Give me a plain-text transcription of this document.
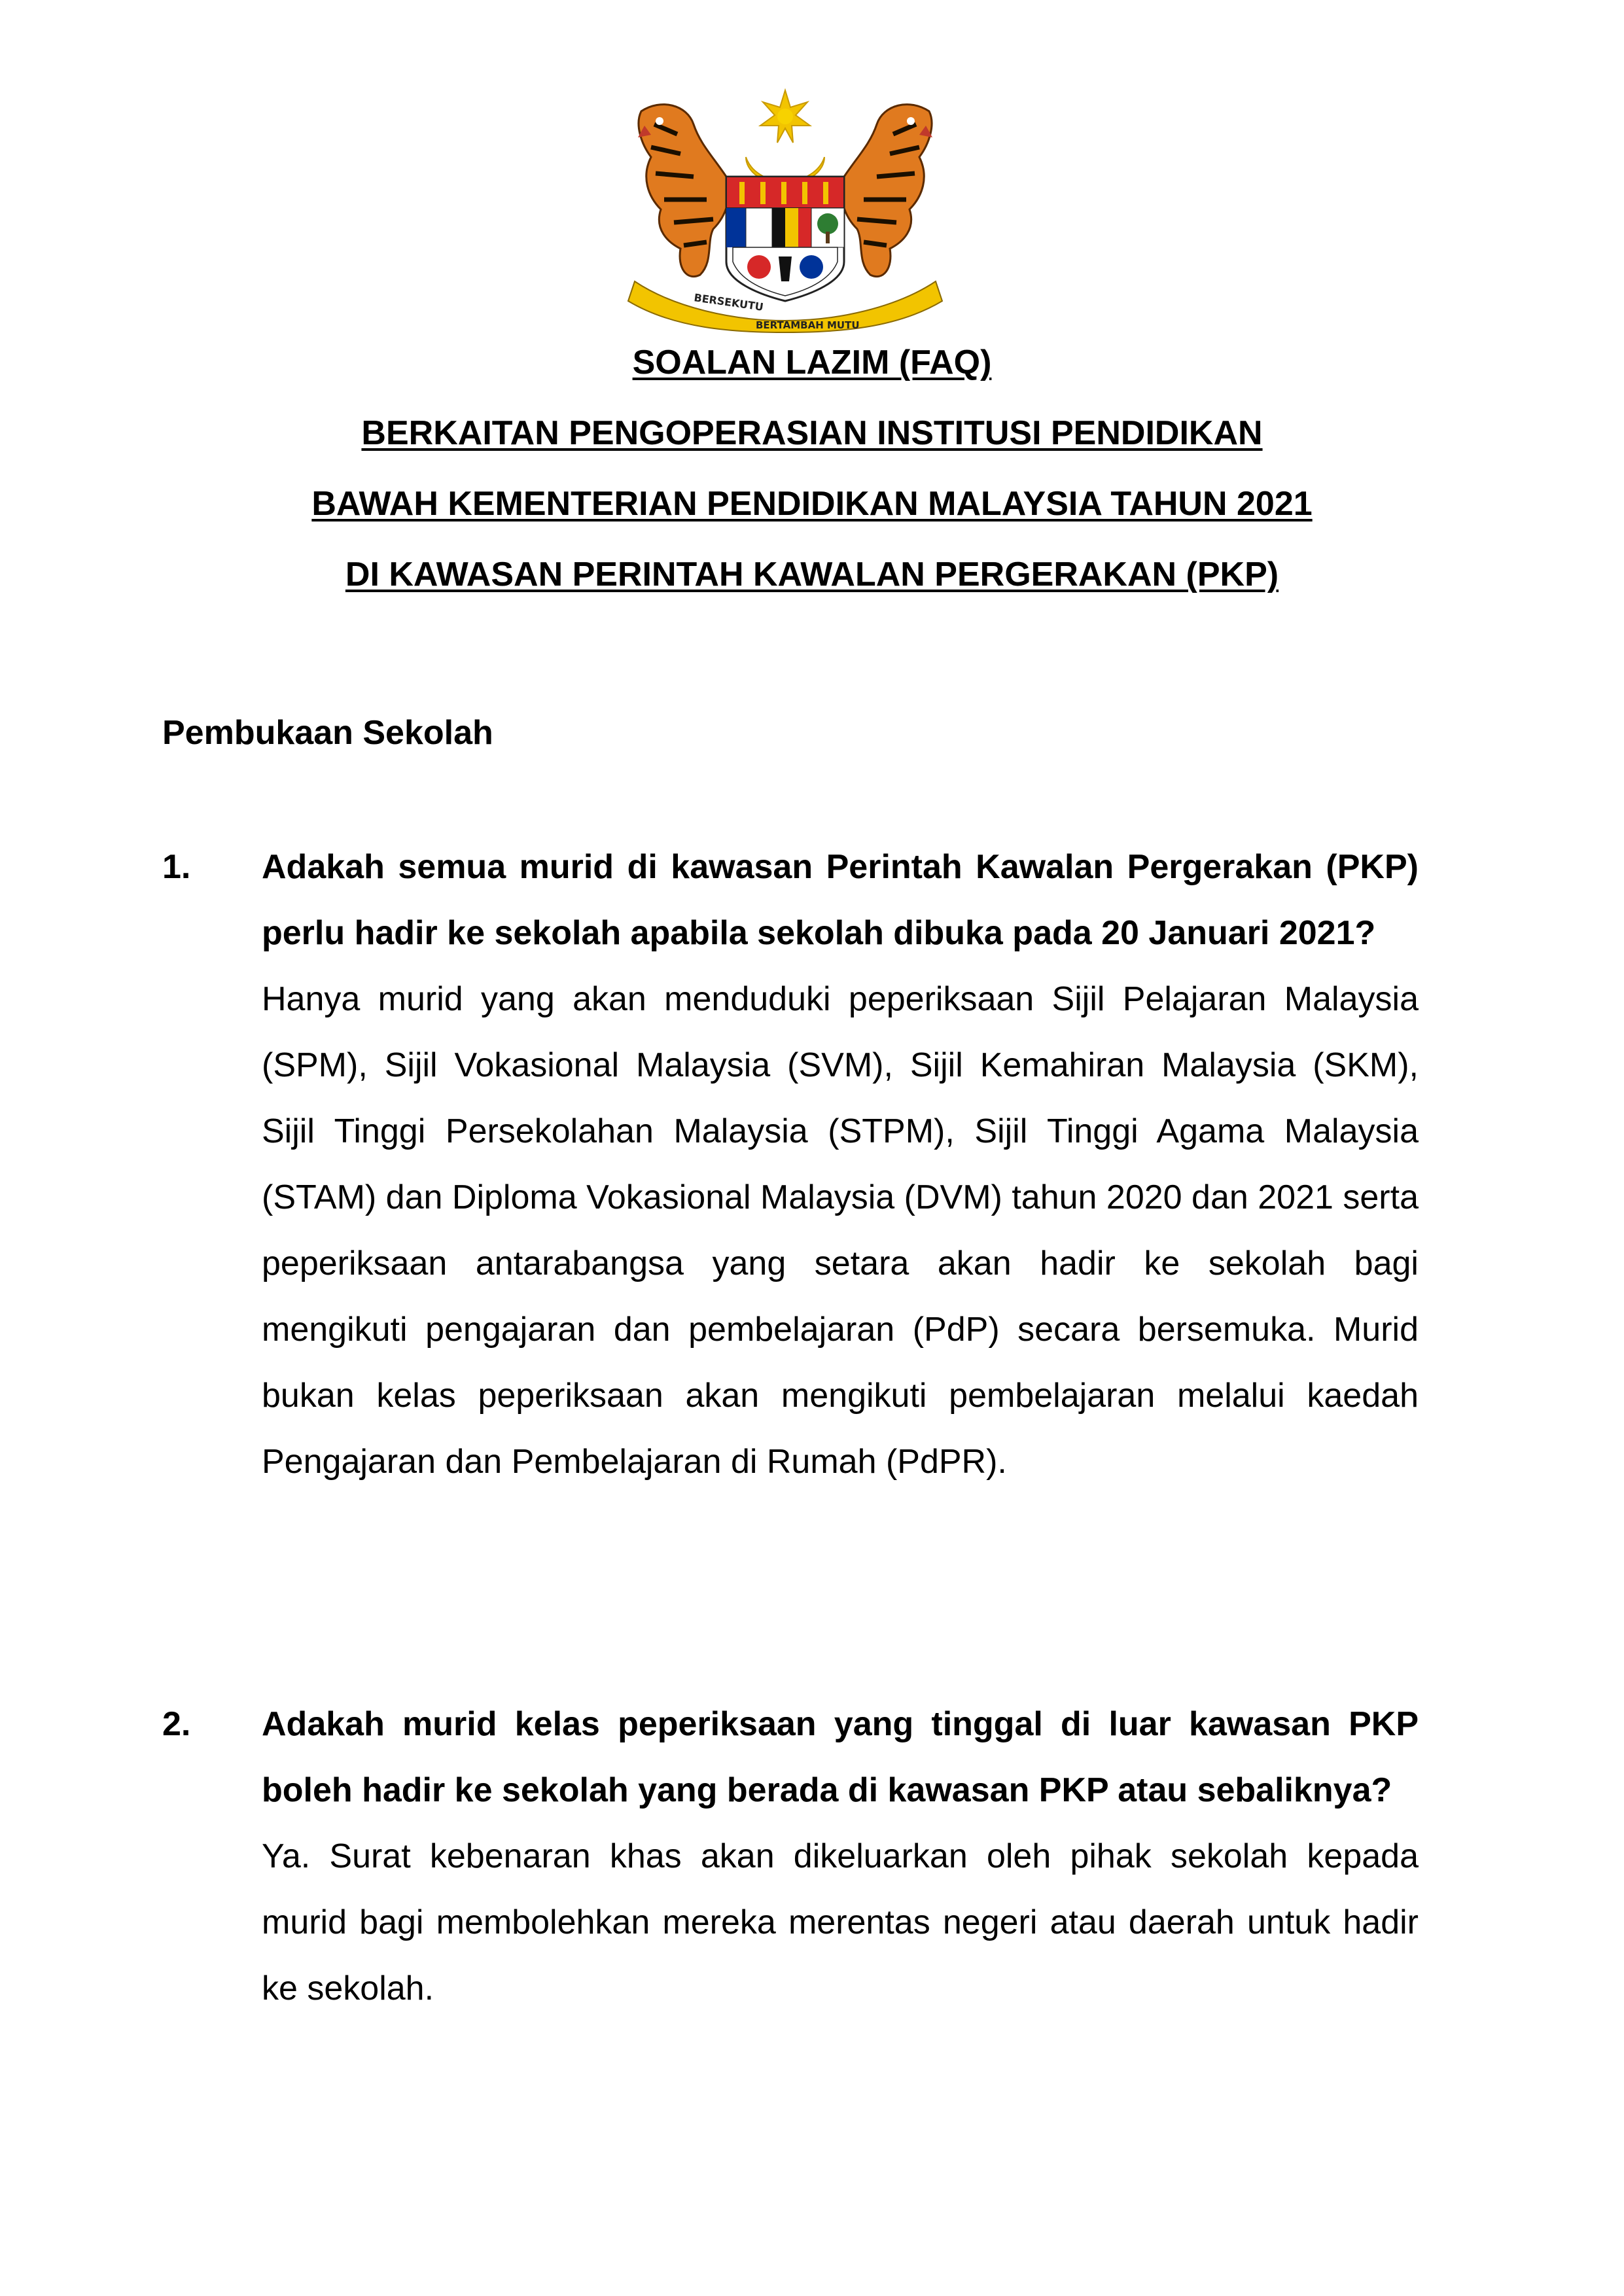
BERSEKUTU
BERTAMBAH MUTU
SOALAN LAZIM (FAQ)
BERKAITAN PENGOPERASIAN INSTITUSI PENDIDIKAN
BAWAH KEMENTERIAN PENDIDIKAN MALAYSIA TAHUN 2021
DI KAWASAN PERINTAH KAWALAN PERGERAKAN (PKP)
Pembukaan Sekolah
1. Adakah semua murid di kawasan Perintah Kawalan Pergerakan (PKP) perlu hadir ke sekolah apabila sekolah dibuka pada 20 Januari 2021?

Hanya murid yang akan menduduki peperiksaan Sijil Pelajaran Malaysia (SPM), Sijil Vokasional Malaysia (SVM), Sijil Kemahiran Malaysia (SKM), Sijil Tinggi Persekolahan Malaysia (STPM), Sijil Tinggi Agama Malaysia (STAM) dan Diploma Vokasional Malaysia (DVM) tahun 2020 dan 2021 serta peperiksaan antarabangsa yang setara akan hadir ke sekolah bagi mengikuti pengajaran dan pembelajaran (PdP) secara bersemuka. Murid bukan kelas peperiksaan akan mengikuti pembelajaran melalui kaedah Pengajaran dan Pembelajaran di Rumah (PdPR).

2. Adakah murid kelas peperiksaan yang tinggal di luar kawasan PKP boleh hadir ke sekolah yang berada di kawasan PKP atau sebaliknya?

Ya. Surat kebenaran khas akan dikeluarkan oleh pihak sekolah kepada murid bagi membolehkan mereka merentas negeri atau daerah untuk hadir ke sekolah.
